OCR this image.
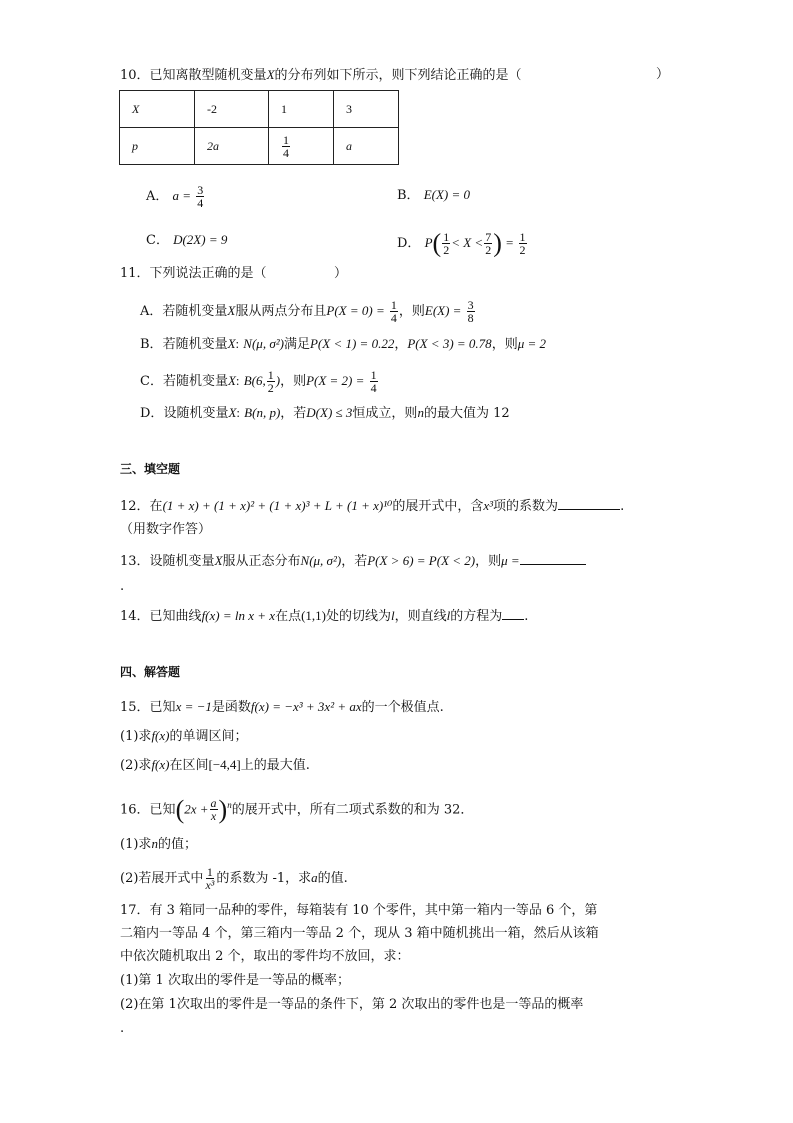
10．已知离散型随机变量X的分布列如下所示，则下列结论正确的是（	）
X	-2	1	3
p	2a	$\frac{1}{4}$	a
A． $a = \frac{3}{4}$	B． E(X) = 0
C． D(2X) = 9	D． $P( \frac{1}{2} < X < \frac{7}{2}$ ) = $\frac{1}{2}$
11．下列说法正确的是（	）
A．若随机变量X服从两点分布且$P(X = 0) = \frac{1}{4}$ ，则$E(X) = \frac{3}{8}$
B．若随机变量X: N(μ, σ²)满足P(X < 1) = 0.22，P(X < 3) = 0.78，则μ = 2
C．若随机变量X: B(6, $\frac{1}{2}$ )，则$P(X = 2) = \frac{1}{4}$
D．设随机变量X: B(n, p)，若D(X) ≤ 3恒成立，则n的最大值为 12
三、填空题
12．在(1 + x) + (1 + x)² + (1 + x)³ + L + (1 + x)¹⁰的展开式中，含x³项的系数为	.
（用数字作答）
13．设随机变量X服从正态分布N(μ, σ²)，若P(X > 6) = P(X < 2)，则μ =
.
14．已知曲线f(x) = ln x + x在点(1,1)处的切线为l，则直线l的方程为 .
四、解答题
15．已知x = −1是函数f(x) = −x³ + 3x² + ax的一个极值点.
(1)求f(x)的单调区间；
(2)求f(x)在区间[−4,4]上的最大值.
16．已知$(2x + \frac{a}{x} )^n$的展开式中，所有二项式系数的和为 32．
(1)求n的值；
(2)若展开式中 $\frac{1}{\text{x³}}$ 的系数为 -1，求a的值.
17．有 3 箱同一品种的零件，每箱装有 10 个零件，其中第一箱内一等品 6 个，第
二箱内一等品 4 个，第三箱内一等品 2 个，现从 3 箱中随机挑出一箱，然后从该箱
中依次随机取出 2 个，取出的零件均不放回，求：
(1)第 1 次取出的零件是一等品的概率；
(2)在第 1次取出的零件是一等品的条件下，第 2 次取出的零件也是一等品的概率
.
